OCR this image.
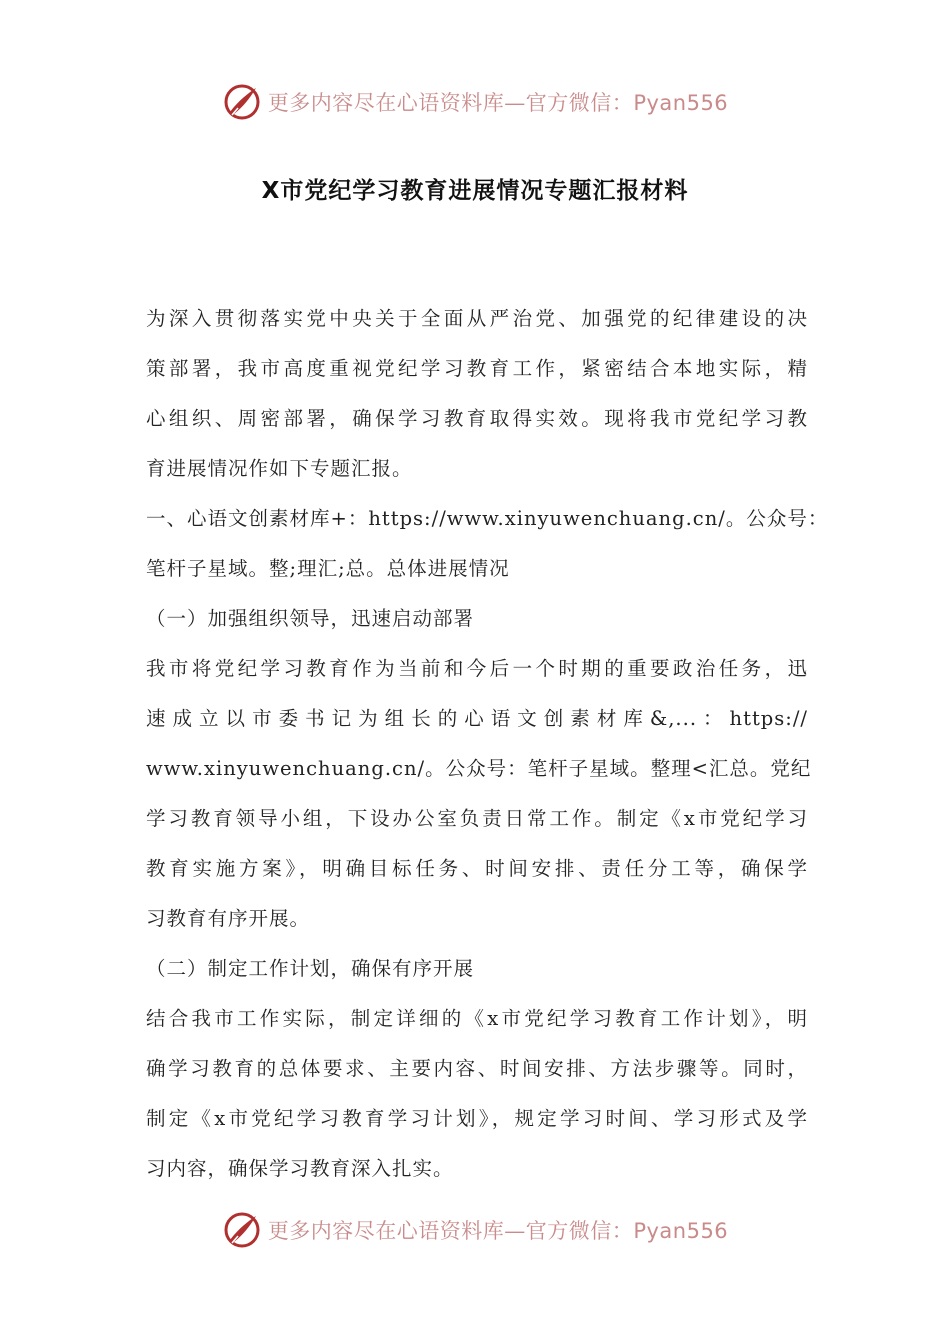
更多内容尽在心语资料库—官方微信：Pyan556
X市党纪学习教育进展情况专题汇报材料
为深入贯彻落实党中央关于全面从严治党、加强党的纪律建设的决
策部署，我市高度重视党纪学习教育工作，紧密结合本地实际，精
心组织、周密部署，确保学习教育取得实效。现将我市党纪学习教
育进展情况作如下专题汇报。
一、心语文创素材库+：https://www.xinyuwenchuang.cn/。公众号：
笔杆子星域。整;理汇;总。总体进展情况
（一）加强组织领导，迅速启动部署
我市将党纪学习教育作为当前和今后一个时期的重要政治任务，迅
速成立以市委书记为组长的心语文创素材库&,...：https://
www.xinyuwenchuang.cn/。公众号：笔杆子星域。整理<汇总。党纪
学习教育领导小组，下设办公室负责日常工作。制定《x市党纪学习
教育实施方案》，明确目标任务、时间安排、责任分工等，确保学
习教育有序开展。
（二）制定工作计划，确保有序开展
结合我市工作实际，制定详细的《x市党纪学习教育工作计划》，明
确学习教育的总体要求、主要内容、时间安排、方法步骤等。同时，
制定《x市党纪学习教育学习计划》，规定学习时间、学习形式及学
习内容，确保学习教育深入扎实。
更多内容尽在心语资料库—官方微信：Pyan556
